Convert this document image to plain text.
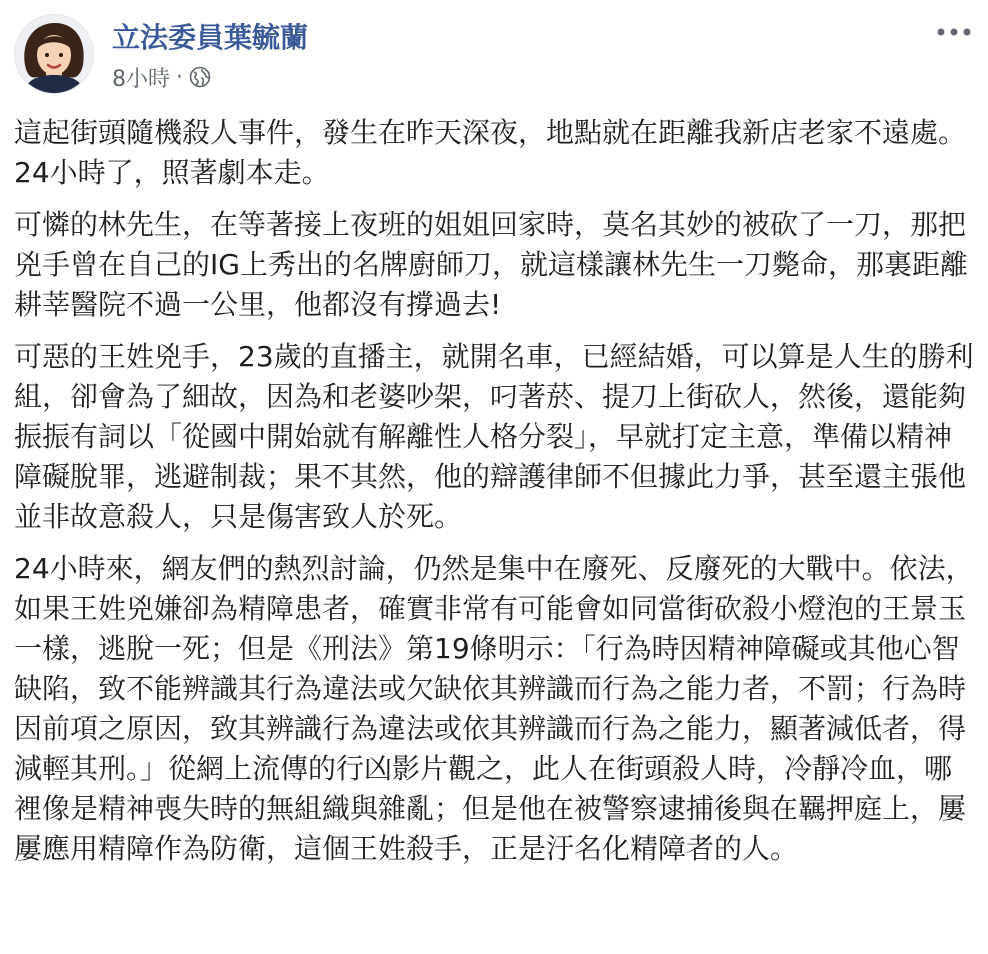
立法委員葉毓蘭
8小時 ·

這起街頭隨機殺人事件，發生在昨天深夜，地點就在距離我新店老家不遠處。
24小時了，照著劇本走。

可憐的林先生，在等著接上夜班的姐姐回家時，莫名其妙的被砍了一刀，那把兇手曾在自己的IG上秀出的名牌廚師刀，就這樣讓林先生一刀斃命，那裏距離耕莘醫院不過一公里，他都沒有撐過去!

可惡的王姓兇手，23歲的直播主，就開名車，已經結婚，可以算是人生的勝利組，卻會為了細故，因為和老婆吵架，叼著菸、提刀上街砍人，然後，還能夠振振有詞以「從國中開始就有解離性人格分裂」，早就打定主意，準備以精神障礙脫罪，逃避制裁；果不其然，他的辯護律師不但據此力爭，甚至還主張他並非故意殺人，只是傷害致人於死。

24小時來，網友們的熱烈討論，仍然是集中在廢死、反廢死的大戰中。依法，如果王姓兇嫌卻為精障患者，確實非常有可能會如同當街砍殺小燈泡的王景玉一樣，逃脫一死；但是《刑法》第19條明示：「行為時因精神障礙或其他心智缺陷，致不能辨識其行為違法或欠缺依其辨識而行為之能力者，不罰；行為時因前項之原因，致其辨識行為違法或依其辨識而行為之能力，顯著減低者，得減輕其刑。」從網上流傳的行凶影片觀之，此人在街頭殺人時，冷靜冷血，哪裡像是精神喪失時的無組織與雜亂；但是他在被警察逮捕後與在羈押庭上，屢屢應用精障作為防衛，這個王姓殺手，正是汙名化精障者的人。
